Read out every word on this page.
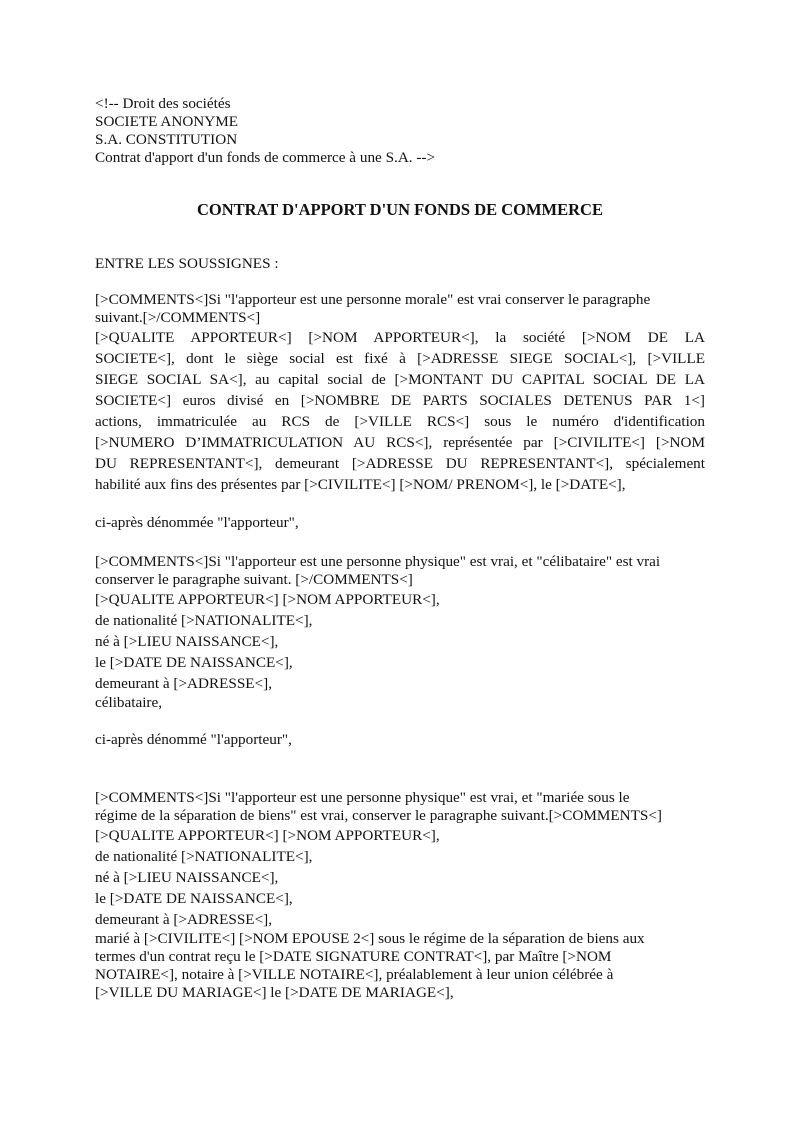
<!-- Droit des sociétés
SOCIETE ANONYME
S.A. CONSTITUTION
Contrat d'apport d'un fonds de commerce à une S.A. -->
CONTRAT D'APPORT D'UN FONDS DE COMMERCE
ENTRE LES SOUSSIGNES :
[>COMMENTS<]Si "l'apporteur est une personne morale" est vrai conserver le paragraphe
suivant.[>/COMMENTS<]
[>QUALITE APPORTEUR<] [>NOM APPORTEUR<], la société [>NOM DE LA
SOCIETE<], dont le siège social est fixé à [>ADRESSE SIEGE SOCIAL<], [>VILLE
SIEGE SOCIAL SA<], au capital social de [>MONTANT DU CAPITAL SOCIAL DE LA
SOCIETE<] euros divisé en [>NOMBRE DE PARTS SOCIALES DETENUS PAR 1<]
actions, immatriculée au RCS de [>VILLE RCS<] sous le numéro d'identification
[>NUMERO D’IMMATRICULATION AU RCS<], représentée par [>CIVILITE<] [>NOM
DU REPRESENTANT<], demeurant [>ADRESSE DU REPRESENTANT<], spécialement
habilité aux fins des présentes par [>CIVILITE<] [>NOM/ PRENOM<], le [>DATE<],
ci-après dénommée "l'apporteur",
[>COMMENTS<]Si "l'apporteur est une personne physique" est vrai, et "célibataire" est vrai
conserver le paragraphe suivant. [>/COMMENTS<]
[>QUALITE APPORTEUR<] [>NOM APPORTEUR<],
de nationalité [>NATIONALITE<],
né à [>LIEU NAISSANCE<],
le [>DATE DE NAISSANCE<],
demeurant à [>ADRESSE<],
célibataire,
ci-après dénommé "l'apporteur",
[>COMMENTS<]Si "l'apporteur est une personne physique" est vrai, et "mariée sous le
régime de la séparation de biens" est vrai, conserver le paragraphe suivant.[>COMMENTS<]
[>QUALITE APPORTEUR<] [>NOM APPORTEUR<],
de nationalité [>NATIONALITE<],
né à [>LIEU NAISSANCE<],
le [>DATE DE NAISSANCE<],
demeurant à [>ADRESSE<],
marié à [>CIVILITE<] [>NOM EPOUSE 2<] sous le régime de la séparation de biens aux
termes d'un contrat reçu le [>DATE SIGNATURE CONTRAT<], par Maître [>NOM
NOTAIRE<], notaire à [>VILLE NOTAIRE<], préalablement à leur union célébrée à
[>VILLE DU MARIAGE<] le [>DATE DE MARIAGE<],
